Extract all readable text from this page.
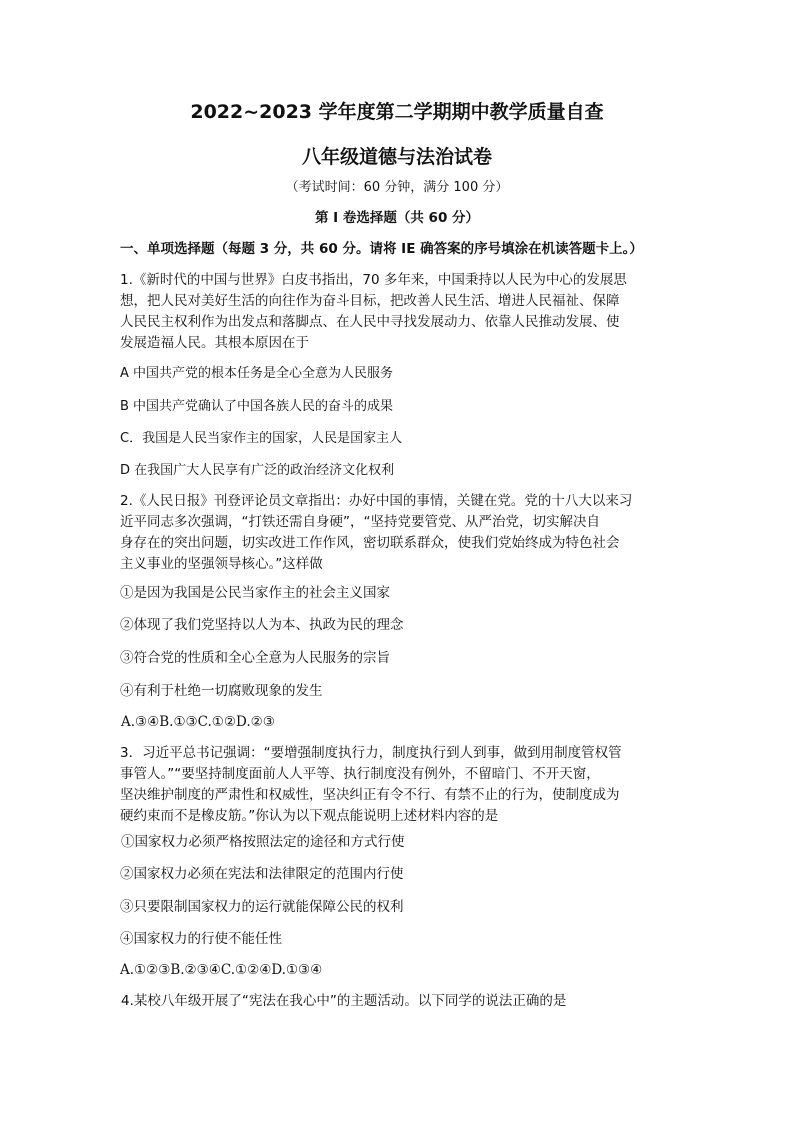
2022~2023 学年度第二学期期中教学质量自查
八年级道德与法治试卷
（考试时间：60 分钟，满分 100 分）
第 I 卷选择题（共 60 分）
一、单项选择题（每题 3 分，共 60 分。请将 IE 确答案的序号填涂在机读答题卡上。）
1.《新时代的中国与世界》白皮书指出，70 多年来，中国秉持以人民为中心的发展思
想，把人民对美好生活的向往作为奋斗目标，把改善人民生活、增进人民福祉、保障
人民民主权利作为出发点和落脚点、在人民中寻找发展动力、依靠人民推动发展、使
发展造福人民。其根本原因在于
A 中国共产党的根本任务是全心全意为人民服务
B 中国共产党确认了中国各族人民的奋斗的成果
C．我国是人民当家作主的国家，人民是国家主人
D 在我国广大人民享有广泛的政治经济文化权利
2.《人民日报》刊登评论员文章指出：办好中国的事情，关键在党。党的十八大以来习
近平同志多次强调，“打铁还需自身硬”，“坚持党要管党、从严治党，切实解决自
身存在的突出问题，切实改进工作作风，密切联系群众，使我们党始终成为特色社会
主义事业的坚强领导核心。”这样做
①是因为我国是公民当家作主的社会主义国家
②体现了我们党坚持以人为本、执政为民的理念
③符合党的性质和全心全意为人民服务的宗旨
④有利于杜绝一切腐败现象的发生
A.③④B.①③C.①②D.②③
3．习近平总书记强调：“要增强制度执行力，制度执行到人到事，做到用制度管权管
事管人。”“要坚持制度面前人人平等、执行制度没有例外，不留暗门、不开天窗，
坚决维护制度的严肃性和权威性，坚决纠正有令不行、有禁不止的行为，使制度成为
硬约束而不是橡皮筋。”你认为以下观点能说明上述材料内容的是
①国家权力必须严格按照法定的途径和方式行使
②国家权力必须在宪法和法律限定的范围内行使
③只要限制国家权力的运行就能保障公民的权利
④国家权力的行使不能任性
A.①②③B.②③④C.①②④D.①③④
4.某校八年级开展了“宪法在我心中”的主题活动。以下同学的说法正确的是
